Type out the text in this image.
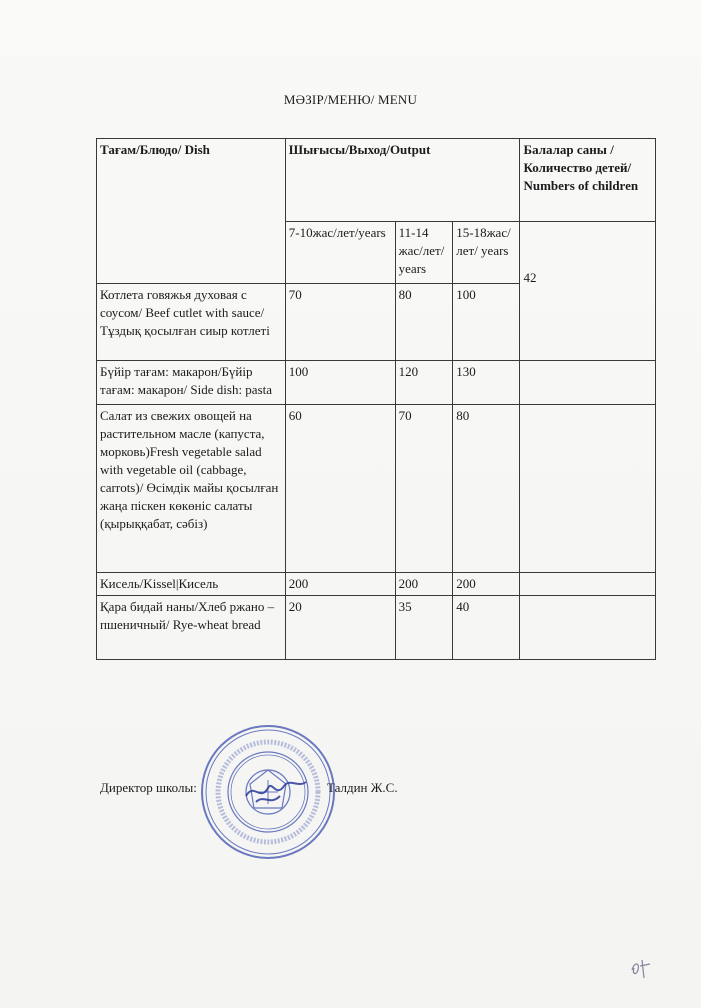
МӘЗІР/МЕНЮ/ MENU
Тағам/Блюдо/ Dish	Шығысы/Выход/Output			Балалар саны /Количество детей/ Numbers of children
	7-10жас/лет/years	11-14 жас/лет/ years	15-18жас/лет/ years	42

Котлета говяжья духовая с соусом/ Beef cutlet with sauce/ Тұздық қосылған сиыр котлеті	70	80	100	
Бүйір тағам: макарон/Бүйір тағам: макарон/ Side dish: pasta	100	120	130	
Салат из свежих овощей на растительном масле (капуста, морковь)Fresh vegetable salad with vegetable oil (cabbage, carrots)/ Өсімдік майы қосылған жаңа піскен көкөніс салаты (қырыққабат, сәбіз)	60	70	80	
Кисель/Kissel|Кисель	200	200	200	
Қара бидай наны/Хлеб ржано – пшеничный/ Rye-wheat bread	20	35	40	
Директор школы:	Талдин Ж.С.
